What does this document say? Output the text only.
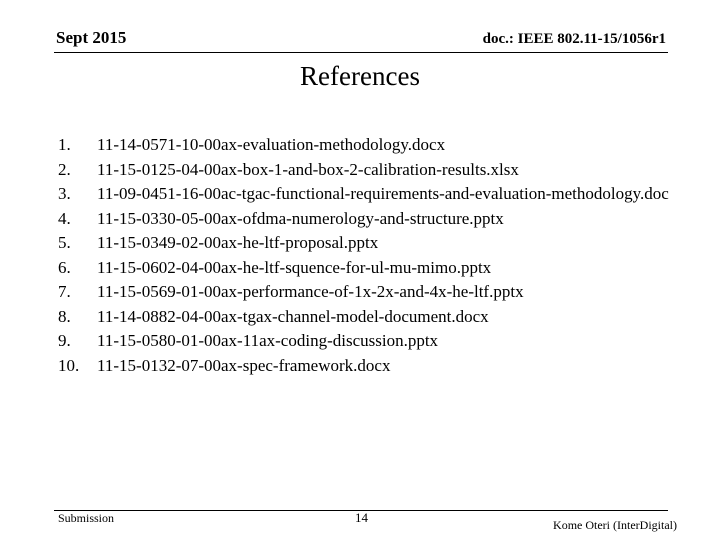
Sept 2015	doc.: IEEE 802.11-15/1056r1
References
1.	11-14-0571-10-00ax-evaluation-methodology.docx
2.	11-15-0125-04-00ax-box-1-and-box-2-calibration-results.xlsx
3.	11-09-0451-16-00ac-tgac-functional-requirements-and-evaluation-methodology.doc
4.	11-15-0330-05-00ax-ofdma-numerology-and-structure.pptx
5.	11-15-0349-02-00ax-he-ltf-proposal.pptx
6.	11-15-0602-04-00ax-he-ltf-squence-for-ul-mu-mimo.pptx
7.	11-15-0569-01-00ax-performance-of-1x-2x-and-4x-he-ltf.pptx
8.	11-14-0882-04-00ax-tgax-channel-model-document.docx
9.	11-15-0580-01-00ax-11ax-coding-discussion.pptx
10.	11-15-0132-07-00ax-spec-framework.docx
Submission	14	Kome Oteri (InterDigital)
